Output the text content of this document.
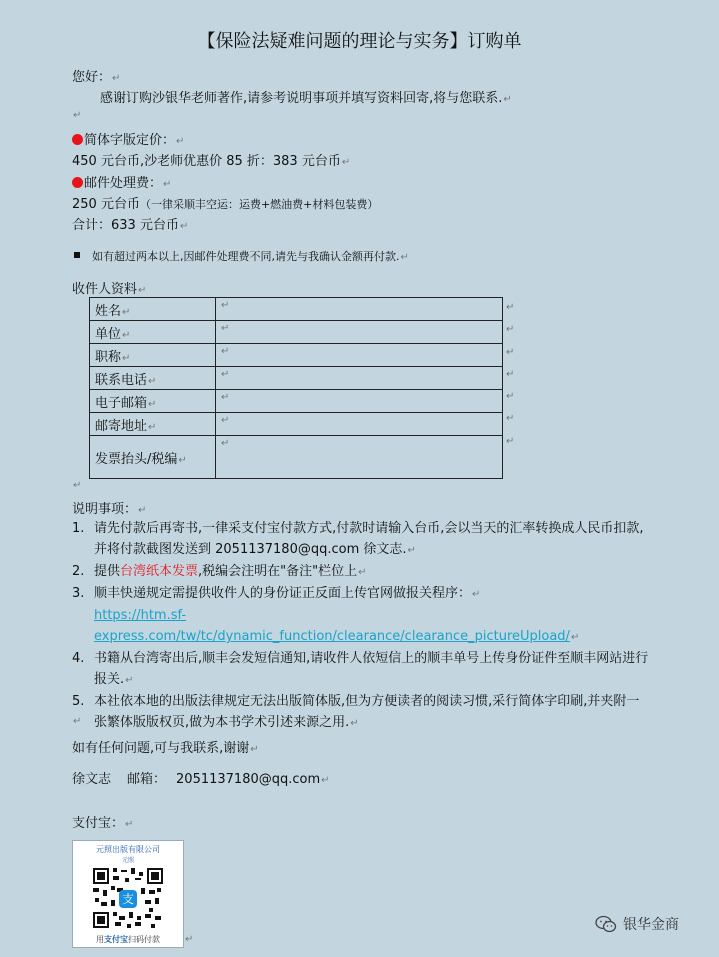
【保险法疑难问题的理论与实务】订购单
您好：↵
感谢订购沙银华老师著作,请参考说明事项并填写资料回寄,将与您联系.↵
↵
简体字版定价：↵
450 元台币,沙老师优惠价 85 折：383 元台币↵
邮件处理费：↵
250 元台币（一律采顺丰空运：运费+燃油费+材料包装费）
合计：633 元台币↵
如有超过两本以上,因邮件处理费不同,请先与我确认金额再付款.↵
收件人资料↵
姓名↵	↵
单位↵	↵
职称↵	↵
联系电话↵	↵
电子邮箱↵	↵
邮寄地址↵	↵
发票抬头/税编↵	↵
↵
↵
↵
↵
↵
↵
↵
↵
说明事项：↵
1. 请先付款后再寄书,一律采支付宝付款方式,付款时请输入台币,会以当天的汇率转换成人民币扣款,并将付款截图发送到 2051137180@qq.com 徐文志.↵
2. 提供台湾纸本发票,税编会注明在"备注"栏位上↵
3. 顺丰快递规定需提供收件人的身份证正反面上传官网做报关程序：↵
https://htm.sf-express.com/tw/tc/dynamic_function/clearance/clearance_pictureUpload/↵
4. 书籍从台湾寄出后,顺丰会发短信通知,请收件人依短信上的顺丰单号上传身份证件至顺丰网站进行报关.↵
5. 本社依本地的出版法律规定无法出版简体版,但为方便读者的阅读习惯,采行简体字印刷,并夹附一张繁体版版权页,做为本书学术引述来源之用.↵
↵
如有任何问题,可与我联系,谢谢↵
徐文志 邮箱： 2051137180@qq.com↵
支付宝：↵
元照出版有限公司
元照
支
用支付宝扫码付款	↵
银华金商
